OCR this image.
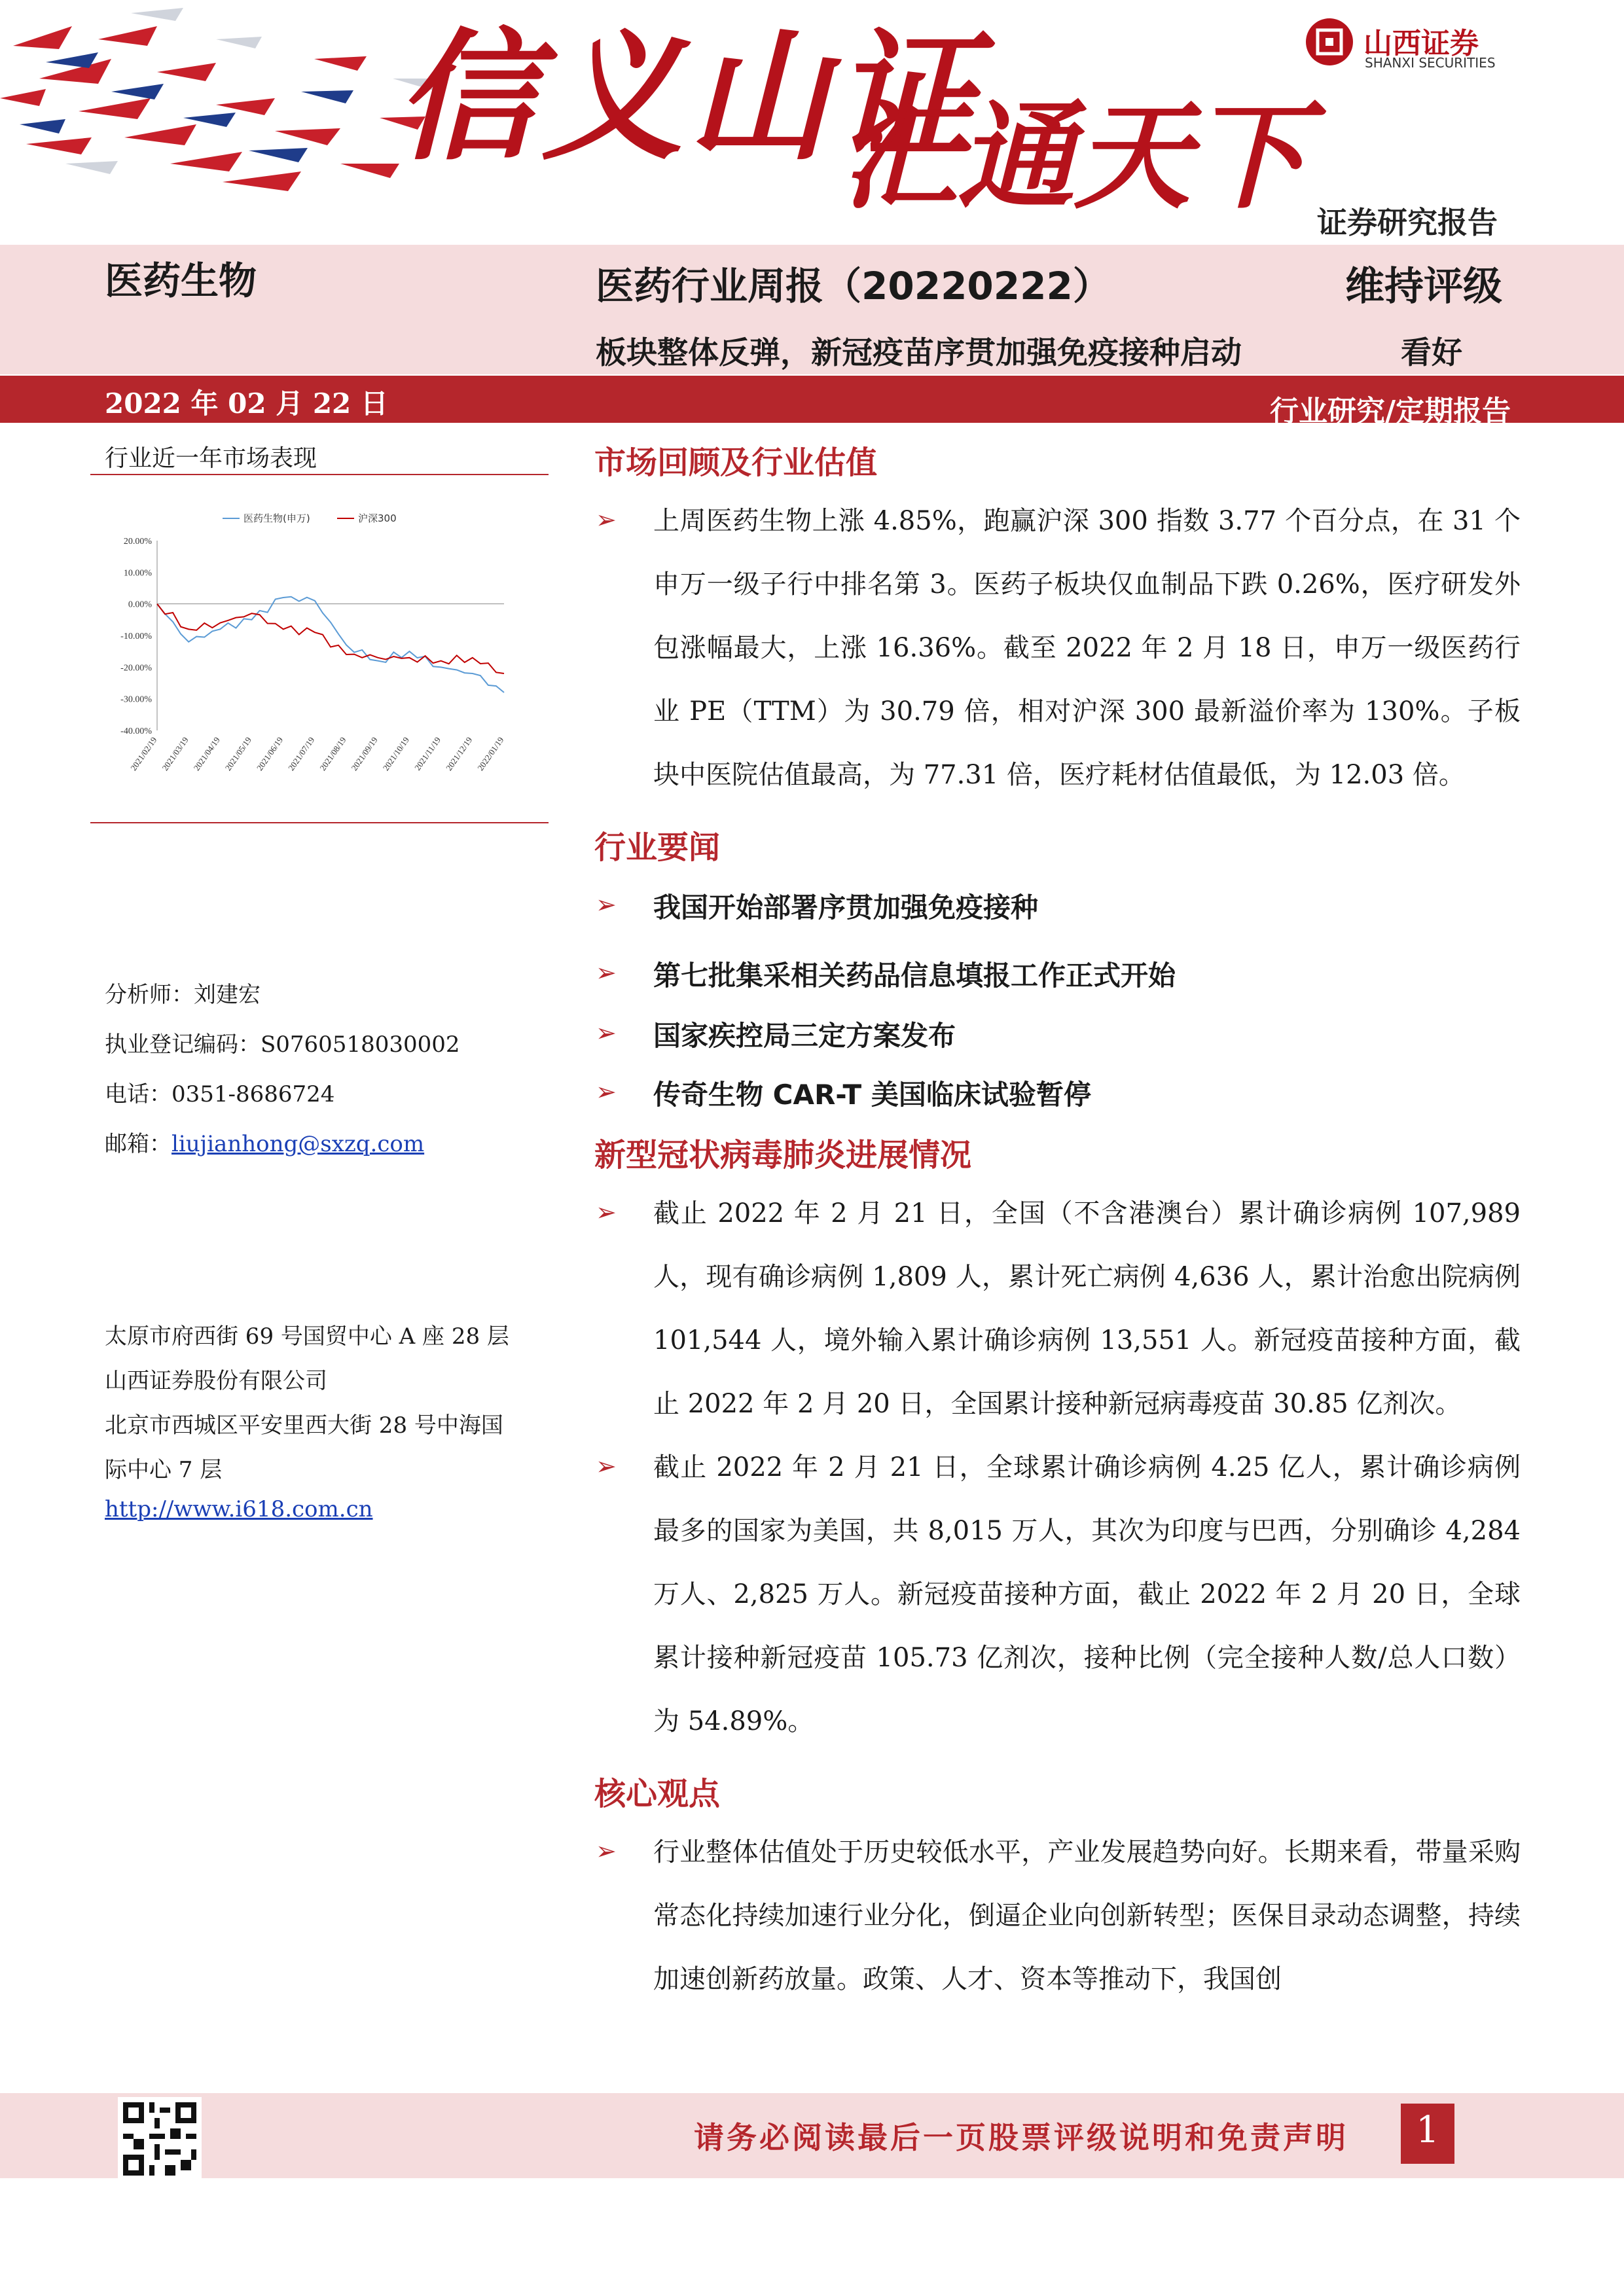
信义山证
汇通天下
山西证券
SHANXI SECURITIES
证券研究报告
医药生物	医药行业周报（20220222）	维持评级
板块整体反弹，新冠疫苗序贯加强免疫接种启动	看好
2022 年 02 月 22 日	行业研究/定期报告
行业近一年市场表现
医药生物(申万)	沪深300
20.00%
10.00%
0.00%
-10.00%
-20.00%
-30.00%
-40.00%
2021/02/19 2021/03/19 2021/04/19 2021/05/19 2021/06/19 2021/07/19 2021/08/19 2021/09/19 2021/10/19 2021/11/19 2021/12/19 2022/01/19
分析师：刘建宏
执业登记编码：S0760518030002
电话：0351-8686724
邮箱：liujianhong@sxzq.com
太原市府西街 69 号国贸中心 A 座 28 层
山西证券股份有限公司
北京市西城区平安里西大街 28 号中海国
际中心 7 层
http://www.i618.com.cn
市场回顾及行业估值
➢ 上周医药生物上涨 4.85%，跑赢沪深 300 指数 3.77 个百分点，在 31 个申万一级子行中排名第 3。医药子板块仅血制品下跌 0.26%，医疗研发外包涨幅最大，上涨 16.36%。截至 2022 年 2 月 18 日，申万一级医药行业 PE（TTM）为 30.79 倍，相对沪深 300 最新溢价率为 130%。子板块中医院估值最高，为 77.31 倍，医疗耗材估值最低，为 12.03 倍。
行业要闻
➢ 我国开始部署序贯加强免疫接种
➢ 第七批集采相关药品信息填报工作正式开始
➢ 国家疾控局三定方案发布
➢ 传奇生物 CAR-T 美国临床试验暂停
新型冠状病毒肺炎进展情况
➢ 截止 2022 年 2 月 21 日，全国（不含港澳台）累计确诊病例 107,989 人，现有确诊病例 1,809 人，累计死亡病例 4,636 人，累计治愈出院病例 101,544 人，境外输入累计确诊病例 13,551 人。新冠疫苗接种方面，截止 2022 年 2 月 20 日，全国累计接种新冠病毒疫苗 30.85 亿剂次。
➢ 截止 2022 年 2 月 21 日，全球累计确诊病例 4.25 亿人，累计确诊病例最多的国家为美国，共 8,015 万人，其次为印度与巴西，分别确诊 4,284 万人、2,825 万人。新冠疫苗接种方面，截止 2022 年 2 月 20 日，全球累计接种新冠疫苗 105.73 亿剂次，接种比例（完全接种人数/总人口数）为 54.89%。
核心观点
➢ 行业整体估值处于历史较低水平，产业发展趋势向好。长期来看，带量采购常态化持续加速行业分化，倒逼企业向创新转型；医保目录动态调整，持续加速创新药放量。政策、人才、资本等推动下，我国创
请务必阅读最后一页股票评级说明和免责声明	1
